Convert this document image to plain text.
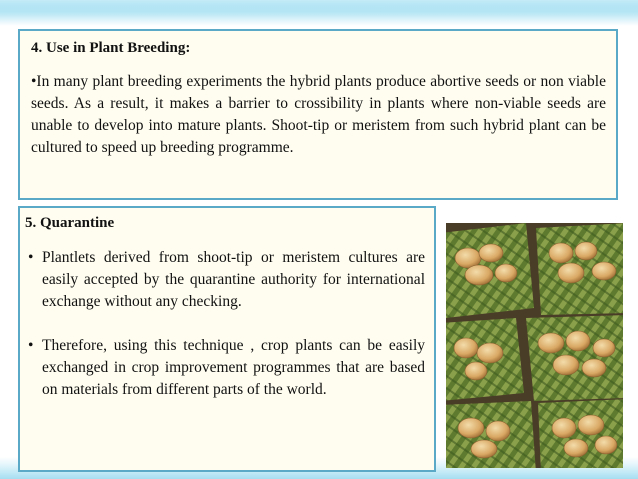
4. Use in Plant Breeding:

•In many plant breeding experiments the hybrid plants produce abortive seeds or non viable seeds. As a result, it makes a barrier to crossibility in plants where non-viable seeds are unable to develop into mature plants. Shoot-tip or meristem from such hybrid plant can be cultured to speed up breeding programme.

5. Quarantine

• Plantlets derived from shoot-tip or meristem cultures are easily accepted by the quarantine authority for international exchange without any checking.
• Therefore, using this technique , crop plants can be easily exchanged in crop improvement programmes that are based on materials from different parts of the world.
